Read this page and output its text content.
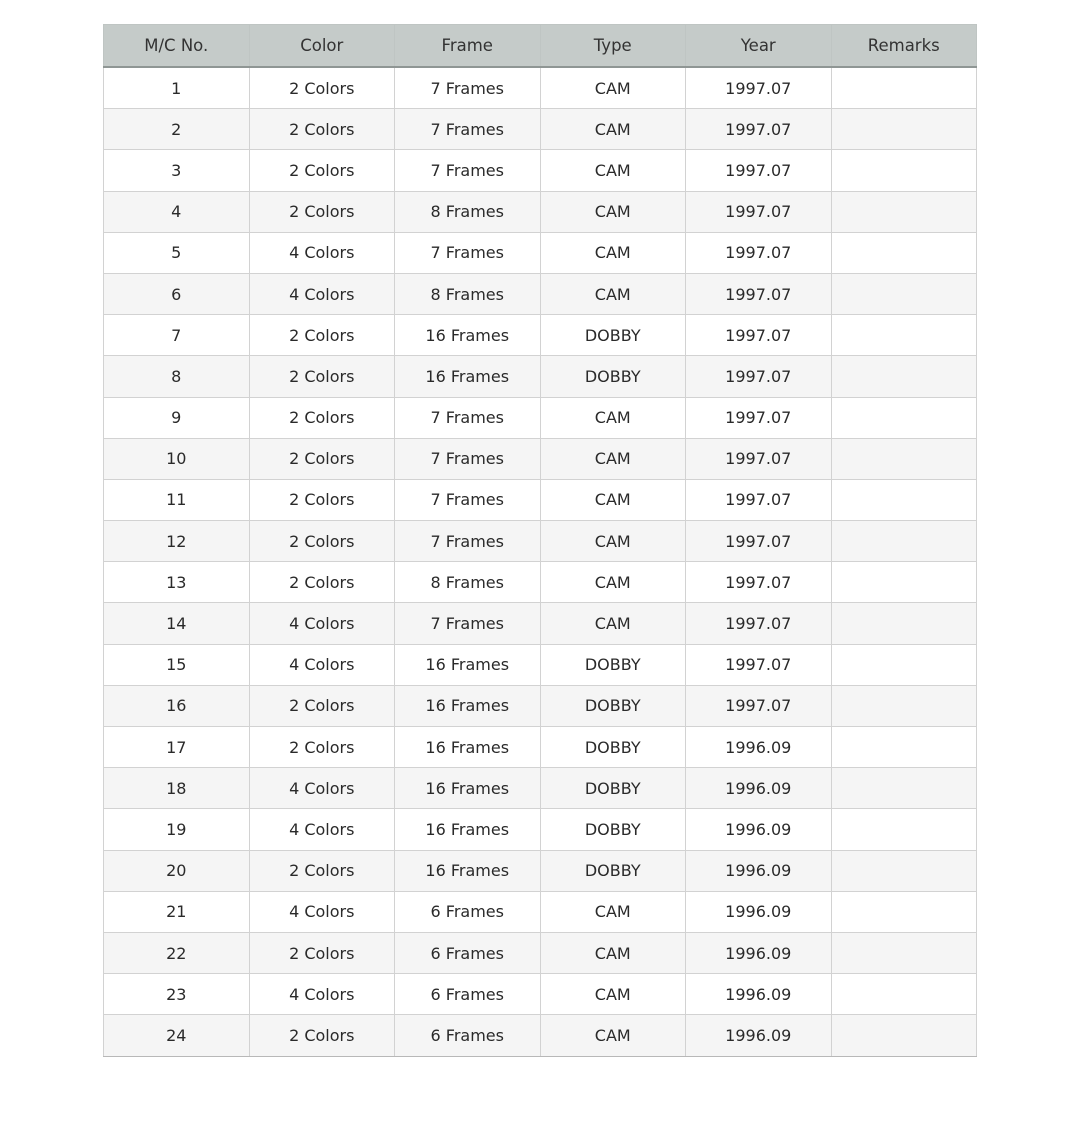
M/C No.	Color	Frame	Type	Year	Remarks
1	2 Colors	7 Frames	CAM	1997.07	
2	2 Colors	7 Frames	CAM	1997.07	
3	2 Colors	7 Frames	CAM	1997.07	
4	2 Colors	8 Frames	CAM	1997.07	
5	4 Colors	7 Frames	CAM	1997.07	
6	4 Colors	8 Frames	CAM	1997.07	
7	2 Colors	16 Frames	DOBBY	1997.07	
8	2 Colors	16 Frames	DOBBY	1997.07	
9	2 Colors	7 Frames	CAM	1997.07	
10	2 Colors	7 Frames	CAM	1997.07	
11	2 Colors	7 Frames	CAM	1997.07	
12	2 Colors	7 Frames	CAM	1997.07	
13	2 Colors	8 Frames	CAM	1997.07	
14	4 Colors	7 Frames	CAM	1997.07	
15	4 Colors	16 Frames	DOBBY	1997.07	
16	2 Colors	16 Frames	DOBBY	1997.07	
17	2 Colors	16 Frames	DOBBY	1996.09	
18	4 Colors	16 Frames	DOBBY	1996.09	
19	4 Colors	16 Frames	DOBBY	1996.09	
20	2 Colors	16 Frames	DOBBY	1996.09	
21	4 Colors	6 Frames	CAM	1996.09	
22	2 Colors	6 Frames	CAM	1996.09	
23	4 Colors	6 Frames	CAM	1996.09	
24	2 Colors	6 Frames	CAM	1996.09	
